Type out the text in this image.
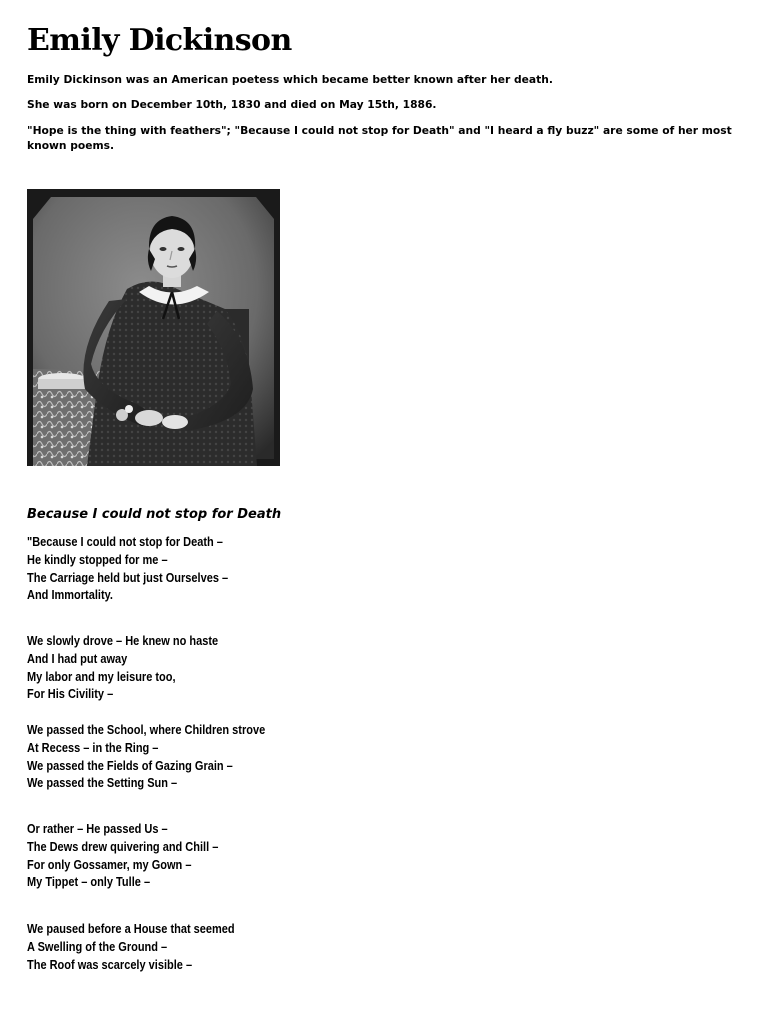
Emily Dickinson

Emily Dickinson was an American poetess which became better known after her death.

She was born on December 10th, 1830 and died on May 15th, 1886.

"Hope is the thing with feathers"; "Because I could not stop for Death" and "I heard a fly buzz" are some of her most known poems.

Because I could not stop for Death
"Because I could not stop for Death –
He kindly stopped for me –
The Carriage held but just Ourselves –
And Immortality.
We slowly drove – He knew no haste
And I had put away
My labor and my leisure too,
For His Civility –
We passed the School, where Children strove
At Recess – in the Ring –
We passed the Fields of Gazing Grain –
We passed the Setting Sun –
Or rather – He passed Us –
The Dews drew quivering and Chill –
For only Gossamer, my Gown –
My Tippet – only Tulle –
We paused before a House that seemed
A Swelling of the Ground –
The Roof was scarcely visible –
